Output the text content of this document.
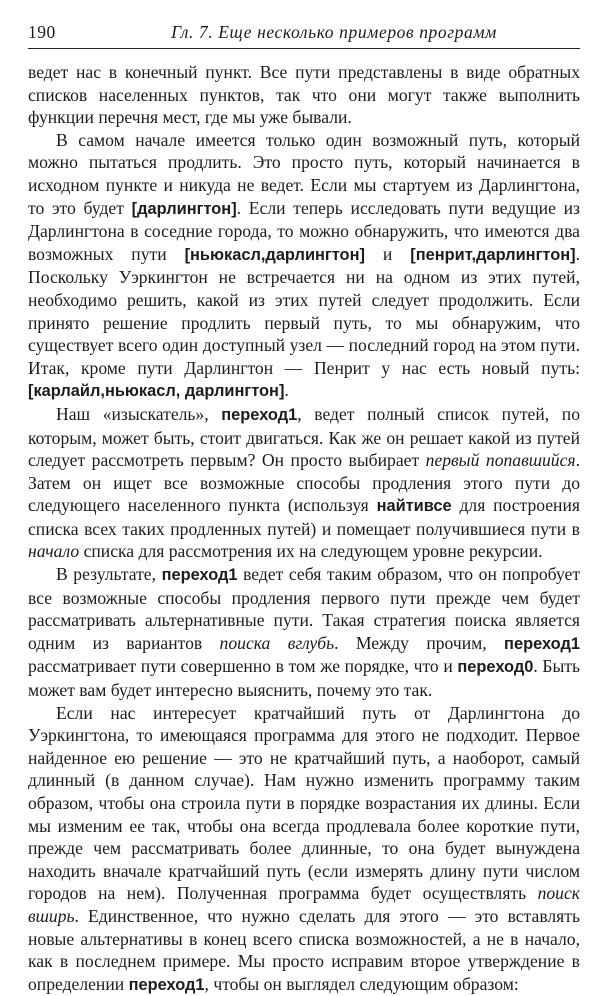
190	Гл. 7. Еще несколько примеров программ

ведет нас в конечный пункт. Все пути представлены в виде обратных списков населенных пунктов, так что они могут также выполнить функции перечня мест, где мы уже бывали.

В самом начале имеется только один возможный путь, который можно пытаться продлить. Это просто путь, который начинается в исходном пункте и никуда не ведет. Если мы стартуем из Дарлингтона, то это будет [дарлингтон]. Если теперь исследовать пути ведущие из Дарлингтона в соседние города, то можно обнаружить, что имеются два возможных пути [ньюкасл,дарлингтон] и [пенрит,дарлингтон]. Поскольку Уэркингтон не встречается ни на одном из этих путей, необходимо решить, какой из этих путей следует продолжить. Если принято решение продлить первый путь, то мы обнаружим, что существует всего один доступный узел — последний город на этом пути. Итак, кроме пути Дарлингтон — Пенрит у нас есть новый путь: [карлайл,ньюкасл, дарлингтон].

Наш «изыскатель», переход1, ведет полный список путей, по которым, может быть, стоит двигаться. Как же он решает какой из путей следует рассмотреть первым? Он просто выбирает первый попавшийся. Затем он ищет все возможные способы продления этого пути до следующего населенного пункта (используя найтивсе для построения списка всех таких продленных путей) и помещает получившиеся пути в начало списка для рассмотрения их на следующем уровне рекурсии.

В результате, переход1 ведет себя таким образом, что он попробует все возможные способы продления первого пути прежде чем будет рассматривать альтернативные пути. Такая стратегия поиска является одним из вариантов поиска вглубь. Между прочим, переход1 рассматривает пути совершенно в том же порядке, что и переход0. Быть может вам будет интересно выяснить, почему это так.

Если нас интересует кратчайший путь от Дарлингтона до Уэркингтона, то имеющаяся программа для этого не подходит. Первое найденное ею решение — это не кратчайший путь, а наоборот, самый длинный (в данном случае). Нам нужно изменить программу таким образом, чтобы она строила пути в порядке возрастания их длины. Если мы изменим ее так, чтобы она всегда продлевала более короткие пути, прежде чем рассматривать более длинные, то она будет вынуждена находить вначале кратчайший путь (если измерять длину пути числом городов на нем). Полученная программа будет осуществлять поиск вширь. Единственное, что нужно сделать для этого — это вставлять новые альтернативы в конец всего списка возможностей, а не в начало, как в последнем примере. Мы просто исправим второе утверждение в определении переход1, чтобы он выглядел следующим образом:
